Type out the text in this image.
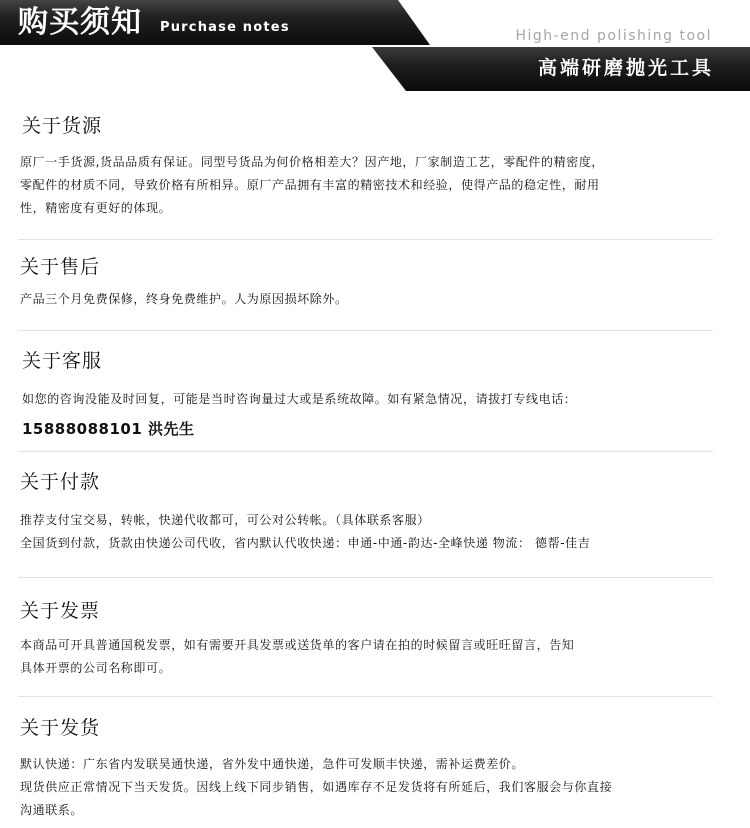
购买须知 Purchase notes
High-end polishing tool
高端研磨抛光工具
关于货源

原厂一手货源,货品品质有保证。同型号货品为何价格相差大？因产地，厂家制造工艺，零配件的精密度，

零配件的材质不同，导致价格有所相异。原厂产品拥有丰富的精密技术和经验，使得产品的稳定性，耐用

性，精密度有更好的体现。

关于售后

产品三个月免费保修，终身免费维护。人为原因损坏除外。

关于客服

如您的咨询没能及时回复，可能是当时咨询量过大或是系统故障。如有紧急情况，请拔打专线电话：

15888088101 洪先生

关于付款

推荐支付宝交易，转帐，快递代收都可，可公对公转帐。（具体联系客服）

全国货到付款，货款由快递公司代收，省内默认代收快递：申通-中通-韵达-全峰快递 物流： 德帮-佳吉

关于发票

本商品可开具普通国税发票，如有需要开具发票或送货单的客户请在拍的时候留言或旺旺留言，告知

具体开票的公司名称即可。

关于发货

默认快递：广东省内发联昊通快递，省外发中通快递，急件可发顺丰快递，需补运费差价。

现货供应正常情况下当天发货。因线上线下同步销售，如遇库存不足发货将有所延后，我们客服会与你直接

沟通联系。
